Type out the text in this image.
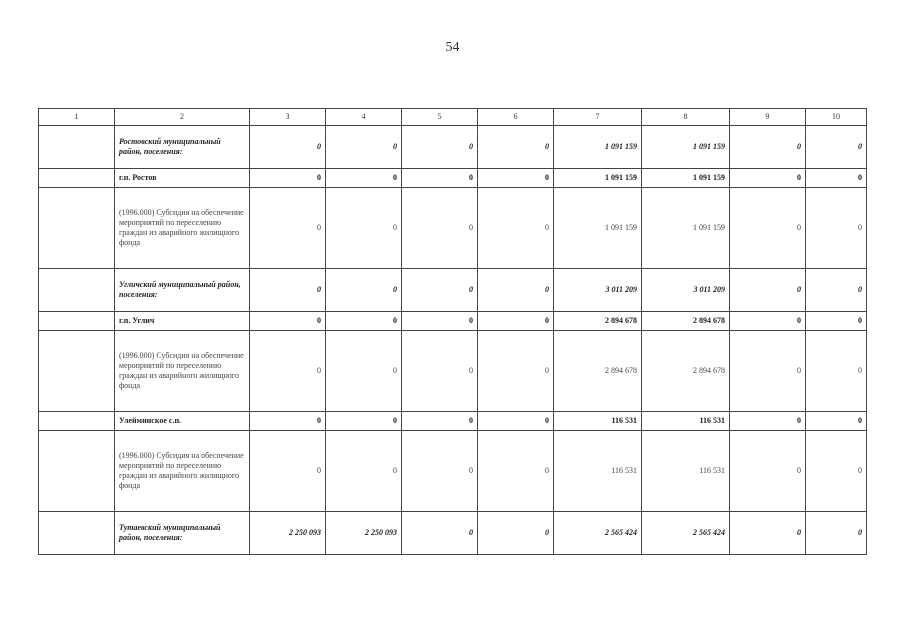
54
1	2	3	4	5	6	7	8	9	10
	Ростовский муниципальный район, поселения:	0	0	0	0	1 091 159	1 091 159	0	0
	г.п. Ростов	0	0	0	0	1 091 159	1 091 159	0	0
	(1996.000) Субсидия на обеспечение мероприятий по переселению граждан из аварийного жилищного фонда	0	0	0	0	1 091 159	1 091 159	0	0
	Угличский муниципальный район, поселения:	0	0	0	0	3 011 209	3 011 209	0	0
	г.п. Углич	0	0	0	0	2 894 678	2 894 678	0	0
	(1996.000) Субсидия на обеспечение мероприятий по переселению граждан из аварийного жилищного фонда	0	0	0	0	2 894 678	2 894 678	0	0
	Улейминское с.п.	0	0	0	0	116 531	116 531	0	0
	(1996.000) Субсидия на обеспечение мероприятий по переселению граждан из аварийного жилищного фонда	0	0	0	0	116 531	116 531	0	0
	Тутаевский муниципальный район, поселения:	2 250 093	2 250 093	0	0	2 565 424	2 565 424	0	0
